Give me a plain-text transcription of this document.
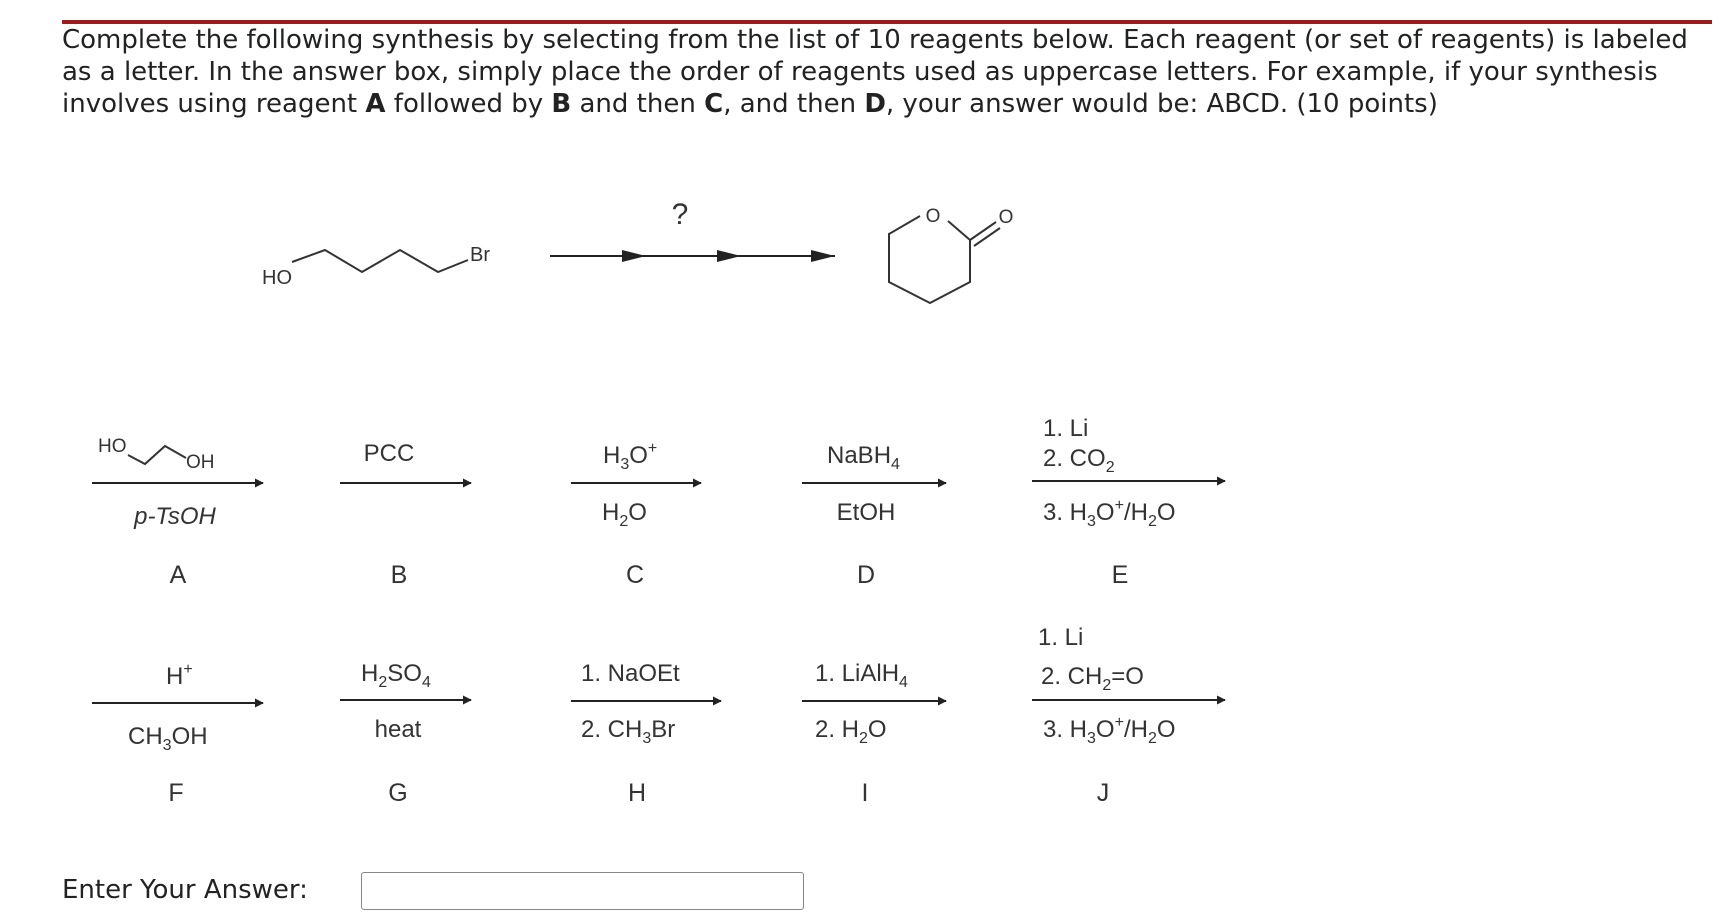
Complete the following synthesis by selecting from the list of 10 reagents below. Each reagent (or set of reagents) is labeled as a letter. In the answer box, simply place the order of reagents used as uppercase letters. For example, if your synthesis involves using reagent A followed by B and then C, and then D, your answer would be: ABCD. (10 points)
HO
Br
?	O	O
HO
OH
p-TsOH
A
PCC
B
$H_3O^+$
$H_2O$
C
NaBH$_4$
EtOH
D
1. Li
2. $CO_2$
3. $H_3O^+/H_2O$
E
H+
$CH_3OH$
F
$H_2SO_4$
heat
G
1. NaOEt
2. $CH_3Br$
H
1. LiAlH$_4$
2. $H_2O$
I
1. Li
2. $CH_2=O$
3. $H_3O^+/H_2O$
J
Enter Your Answer:
